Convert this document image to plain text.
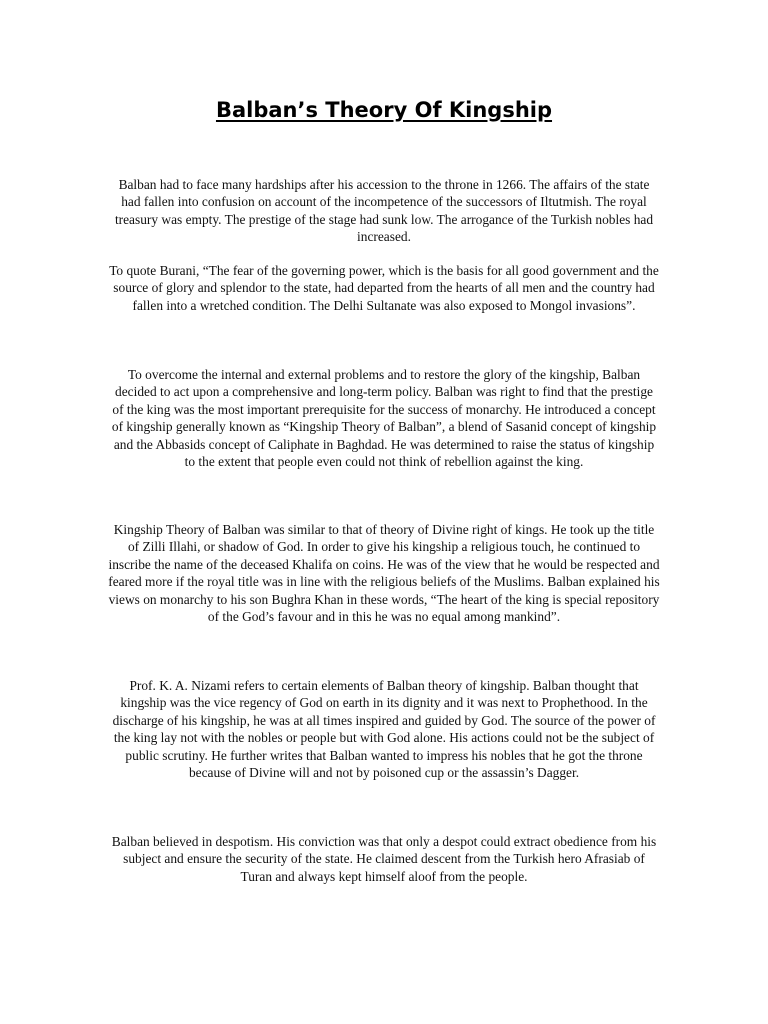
Balban’s Theory Of Kingship

Balban had to face many hardships after his accession to the throne in 1266. The affairs of the state had fallen into confusion on account of the incompetence of the successors of Iltutmish. The royal treasury was empty. The prestige of the stage had sunk low. The arrogance of the Turkish nobles had increased.

To quote Burani, “The fear of the governing power, which is the basis for all good government and the source of glory and splendor to the state, had departed from the hearts of all men and the country had fallen into a wretched condition. The Delhi Sultanate was also exposed to Mongol invasions”.

To overcome the internal and external problems and to restore the glory of the kingship, Balban decided to act upon a comprehensive and long-term policy. Balban was right to find that the prestige of the king was the most important prerequisite for the success of monarchy. He introduced a concept of kingship generally known as “Kingship Theory of Balban”, a blend of Sasanid concept of kingship and the Abbasids concept of Caliphate in Baghdad. He was determined to raise the status of kingship to the extent that people even could not think of rebellion against the king.

Kingship Theory of Balban was similar to that of theory of Divine right of kings. He took up the title of Zilli Illahi, or shadow of God. In order to give his kingship a religious touch, he continued to inscribe the name of the deceased Khalifa on coins. He was of the view that he would be respected and feared more if the royal title was in line with the religious beliefs of the Muslims. Balban explained his views on monarchy to his son Bughra Khan in these words, “The heart of the king is special repository of the God’s favour and in this he was no equal among mankind”.

Prof. K. A. Nizami refers to certain elements of Balban theory of kingship. Balban thought that kingship was the vice regency of God on earth in its dignity and it was next to Prophethood. In the discharge of his kingship, he was at all times inspired and guided by God. The source of the power of the king lay not with the nobles or people but with God alone. His actions could not be the subject of public scrutiny. He further writes that Balban wanted to impress his nobles that he got the throne because of Divine will and not by poisoned cup or the assassin’s Dagger.

Balban believed in despotism. His conviction was that only a despot could extract obedience from his subject and ensure the security of the state. He claimed descent from the Turkish hero Afrasiab of Turan and always kept himself aloof from the people.
